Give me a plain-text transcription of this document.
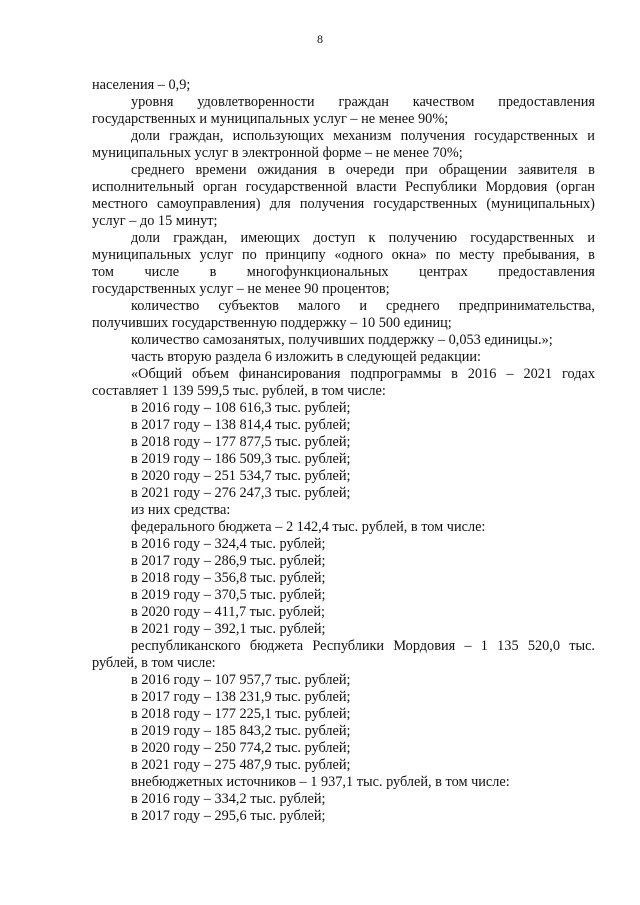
8
населения – 0,9;
уровня удовлетворенности граждан качеством предоставления
государственных и муниципальных услуг – не менее 90%;
доли граждан, использующих механизм получения государственных и
муниципальных услуг в электронной форме – не менее 70%;
среднего времени ожидания в очереди при обращении заявителя в
исполнительный орган государственной власти Республики Мордовия (орган
местного самоуправления) для получения государственных (муниципальных)
услуг – до 15 минут;
доли граждан, имеющих доступ к получению государственных и
муниципальных услуг по принципу «одного окна» по месту пребывания, в
том числе в многофункциональных центрах предоставления
государственных услуг – не менее 90 процентов;
количество субъектов малого и среднего предпринимательства,
получивших государственную поддержку – 10 500 единиц;
количество самозанятых, получивших поддержку – 0,053 единицы.»;
часть вторую раздела 6 изложить в следующей редакции:
«Общий объем финансирования подпрограммы в 2016 – 2021 годах
составляет 1 139 599,5 тыс. рублей, в том числе:
в 2016 году – 108 616,3 тыс. рублей;
в 2017 году – 138 814,4 тыс. рублей;
в 2018 году – 177 877,5 тыс. рублей;
в 2019 году – 186 509,3 тыс. рублей;
в 2020 году – 251 534,7 тыс. рублей;
в 2021 году – 276 247,3 тыс. рублей;
из них средства:
федерального бюджета – 2 142,4 тыс. рублей, в том числе:
в 2016 году – 324,4 тыс. рублей;
в 2017 году – 286,9 тыс. рублей;
в 2018 году – 356,8 тыс. рублей;
в 2019 году – 370,5 тыс. рублей;
в 2020 году – 411,7 тыс. рублей;
в 2021 году – 392,1 тыс. рублей;
республиканского бюджета Республики Мордовия – 1 135 520,0 тыс.
рублей, в том числе:
в 2016 году – 107 957,7 тыс. рублей;
в 2017 году – 138 231,9 тыс. рублей;
в 2018 году – 177 225,1 тыс. рублей;
в 2019 году – 185 843,2 тыс. рублей;
в 2020 году – 250 774,2 тыс. рублей;
в 2021 году – 275 487,9 тыс. рублей;
внебюджетных источников – 1 937,1 тыс. рублей, в том числе:
в 2016 году – 334,2 тыс. рублей;
в 2017 году – 295,6 тыс. рублей;
